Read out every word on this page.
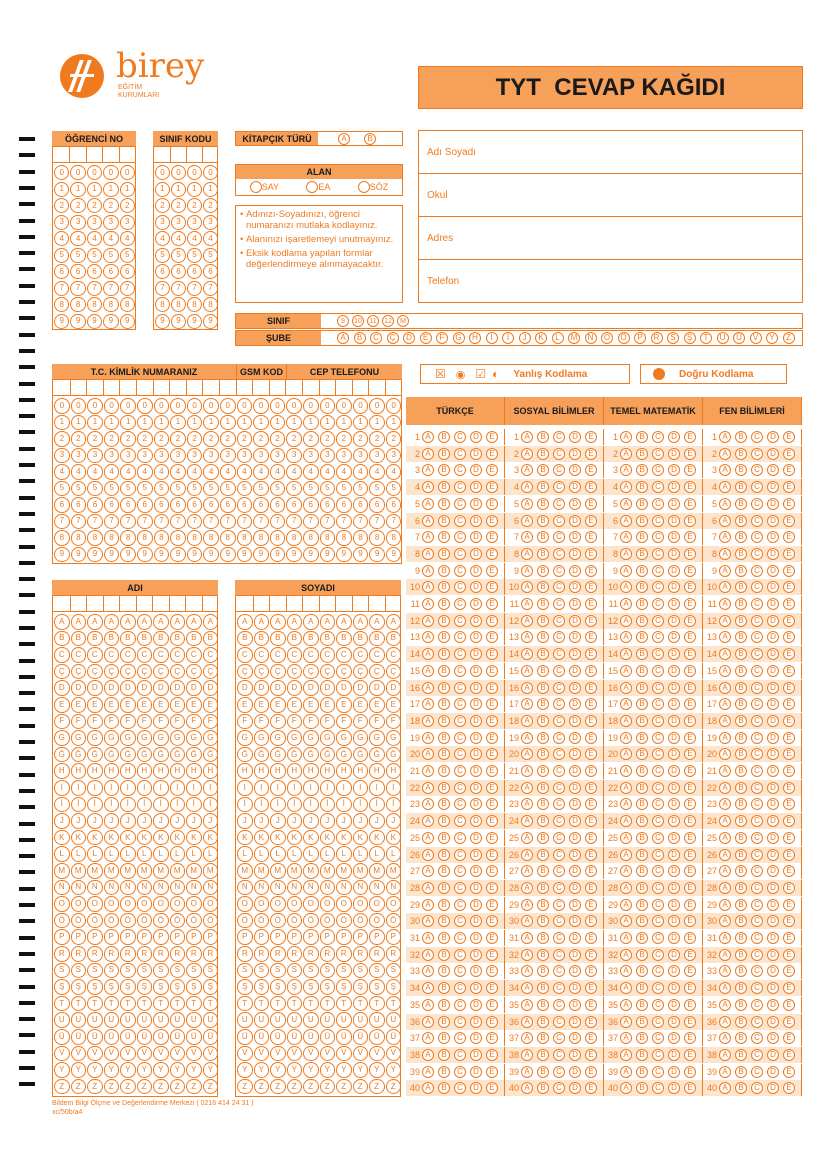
birey
EĞİTİM
KURUMLARI	TYT  CEVAP KAĞIDI
ÖĞRENCİ NO
0	0	0	0	0
1	1	1	1	1
2	2	2	2	2
3	3	3	3	3
4	4	4	4	4
5	5	5	5	5
6	6	6	6	6
7	7	7	7	7
8	8	8	8	8
9	9	9	9	9
SINIF KODU
0	0	0	0
1	1	1	1
2	2	2	2
3	3	3	3
4	4	4	4
5	5	5	5
6	6	6	6
7	7	7	7
8	8	8	8
9	9	9	9
KİTAPÇIK TÜRÜ	A	B
ALAN
SAY	EA	SÖZ
• Adınızı-Soyadınızı, öğrenci numaranızı mutlaka kodlayınız.
• Alanınızı işaretlemeyi unutmayınız.
• Eksik kodlama yapılan formlar değerlendirmeye alınmayacaktır.
Adı Soyadı
Okul
Adres
Telefon
SINIF	9	10	11	12	M
ŞUBE	A	B	C	Ç	D	E	F	G	H	I	İ	J	K	L	M	N	O	Ö	P	R	S	Ş	T	U	Ü	V	Y	Z
T.C. KİMLİK NUMARANIZ	GSM KOD	CEP TELEFONU
0	0	0	0	0	0	0	0	0	0	0	0	0	0	0	0	0	0	0	0	0
1	1	1	1	1	1	1	1	1	1	1	1	1	1	1	1	1	1	1	1	1
2	2	2	2	2	2	2	2	2	2	2	2	2	2	2	2	2	2	2	2	2
3	3	3	3	3	3	3	3	3	3	3	3	3	3	3	3	3	3	3	3	3
4	4	4	4	4	4	4	4	4	4	4	4	4	4	4	4	4	4	4	4	4
5	5	5	5	5	5	5	5	5	5	5	5	5	5	5	5	5	5	5	5	5
6	6	6	6	6	6	6	6	6	6	6	6	6	6	6	6	6	6	6	6	6
7	7	7	7	7	7	7	7	7	7	7	7	7	7	7	7	7	7	7	7	7
8	8	8	8	8	8	8	8	8	8	8	8	8	8	8	8	8	8	8	8	8
9	9	9	9	9	9	9	9	9	9	9	9	9	9	9	9	9	9	9	9	9
☒ ◉ ☑ ◐ Yanlış Kodlama	Doğru Kodlama
TÜRKÇE
1 A	B	C	D	E
2 A	B	C	D	E
3 A	B	C	D	E
4 A	B	C	D	E
5 A	B	C	D	E
6 A	B	C	D	E
7 A	B	C	D	E
8 A	B	C	D	E
9 A	B	C	D	E
10 A	B	C	D	E
11 A	B	C	D	E
12 A	B	C	D	E
13 A	B	C	D	E
14 A	B	C	D	E
15 A	B	C	D	E
16 A	B	C	D	E
17 A	B	C	D	E
18 A	B	C	D	E
19 A	B	C	D	E
20 A	B	C	D	E
21 A	B	C	D	E
22 A	B	C	D	E
23 A	B	C	D	E
24 A	B	C	D	E
25 A	B	C	D	E
26 A	B	C	D	E
27 A	B	C	D	E
28 A	B	C	D	E
29 A	B	C	D	E
30 A	B	C	D	E
31 A	B	C	D	E
32 A	B	C	D	E
33 A	B	C	D	E
34 A	B	C	D	E
35 A	B	C	D	E
36 A	B	C	D	E
37 A	B	C	D	E
38 A	B	C	D	E
39 A	B	C	D	E
40 A	B	C	D	E
SOSYAL BİLİMLER
1 A	B	C	D	E
2 A	B	C	D	E
3 A	B	C	D	E
4 A	B	C	D	E
5 A	B	C	D	E
6 A	B	C	D	E
7 A	B	C	D	E
8 A	B	C	D	E
9 A	B	C	D	E
10 A	B	C	D	E
11 A	B	C	D	E
12 A	B	C	D	E
13 A	B	C	D	E
14 A	B	C	D	E
15 A	B	C	D	E
16 A	B	C	D	E
17 A	B	C	D	E
18 A	B	C	D	E
19 A	B	C	D	E
20 A	B	C	D	E
21 A	B	C	D	E
22 A	B	C	D	E
23 A	B	C	D	E
24 A	B	C	D	E
25 A	B	C	D	E
26 A	B	C	D	E
27 A	B	C	D	E
28 A	B	C	D	E
29 A	B	C	D	E
30 A	B	C	D	E
31 A	B	C	D	E
32 A	B	C	D	E
33 A	B	C	D	E
34 A	B	C	D	E
35 A	B	C	D	E
36 A	B	C	D	E
37 A	B	C	D	E
38 A	B	C	D	E
39 A	B	C	D	E
40 A	B	C	D	E
TEMEL MATEMATİK
1 A	B	C	D	E
2 A	B	C	D	E
3 A	B	C	D	E
4 A	B	C	D	E
5 A	B	C	D	E
6 A	B	C	D	E
7 A	B	C	D	E
8 A	B	C	D	E
9 A	B	C	D	E
10 A	B	C	D	E
11 A	B	C	D	E
12 A	B	C	D	E
13 A	B	C	D	E
14 A	B	C	D	E
15 A	B	C	D	E
16 A	B	C	D	E
17 A	B	C	D	E
18 A	B	C	D	E
19 A	B	C	D	E
20 A	B	C	D	E
21 A	B	C	D	E
22 A	B	C	D	E
23 A	B	C	D	E
24 A	B	C	D	E
25 A	B	C	D	E
26 A	B	C	D	E
27 A	B	C	D	E
28 A	B	C	D	E
29 A	B	C	D	E
30 A	B	C	D	E
31 A	B	C	D	E
32 A	B	C	D	E
33 A	B	C	D	E
34 A	B	C	D	E
35 A	B	C	D	E
36 A	B	C	D	E
37 A	B	C	D	E
38 A	B	C	D	E
39 A	B	C	D	E
40 A	B	C	D	E
FEN BİLİMLERİ
1 A	B	C	D	E
2 A	B	C	D	E
3 A	B	C	D	E
4 A	B	C	D	E
5 A	B	C	D	E
6 A	B	C	D	E
7 A	B	C	D	E
8 A	B	C	D	E
9 A	B	C	D	E
10 A	B	C	D	E
11 A	B	C	D	E
12 A	B	C	D	E
13 A	B	C	D	E
14 A	B	C	D	E
15 A	B	C	D	E
16 A	B	C	D	E
17 A	B	C	D	E
18 A	B	C	D	E
19 A	B	C	D	E
20 A	B	C	D	E
21 A	B	C	D	E
22 A	B	C	D	E
23 A	B	C	D	E
24 A	B	C	D	E
25 A	B	C	D	E
26 A	B	C	D	E
27 A	B	C	D	E
28 A	B	C	D	E
29 A	B	C	D	E
30 A	B	C	D	E
31 A	B	C	D	E
32 A	B	C	D	E
33 A	B	C	D	E
34 A	B	C	D	E
35 A	B	C	D	E
36 A	B	C	D	E
37 A	B	C	D	E
38 A	B	C	D	E
39 A	B	C	D	E
40 A	B	C	D	E
ADI
A	A	A	A	A	A	A	A	A	A
B	B	B	B	B	B	B	B	B	B
C	C	C	C	C	C	C	C	C	C
Ç	Ç	Ç	Ç	Ç	Ç	Ç	Ç	Ç	Ç
D	D	D	D	D	D	D	D	D	D
E	E	E	E	E	E	E	E	E	E
F	F	F	F	F	F	F	F	F	F
G	G	G	G	G	G	G	G	G	G
Ğ	Ğ	Ğ	Ğ	Ğ	Ğ	Ğ	Ğ	Ğ	Ğ
H	H	H	H	H	H	H	H	H	H
I	I	I	I	I	I	I	I	I	I
İ	İ	İ	İ	İ	İ	İ	İ	İ	İ
J	J	J	J	J	J	J	J	J	J
K	K	K	K	K	K	K	K	K	K
L	L	L	L	L	L	L	L	L	L
M	M	M	M	M	M	M	M	M	M
N	N	N	N	N	N	N	N	N	N
O	O	O	O	O	O	O	O	O	O
Ö	Ö	Ö	Ö	Ö	Ö	Ö	Ö	Ö	Ö
P	P	P	P	P	P	P	P	P	P
R	R	R	R	R	R	R	R	R	R
S	S	S	S	S	S	S	S	S	S
Ş	Ş	Ş	Ş	Ş	Ş	Ş	Ş	Ş	Ş
T	T	T	T	T	T	T	T	T	T
U	U	U	U	U	U	U	U	U	U
Ü	Ü	Ü	Ü	Ü	Ü	Ü	Ü	Ü	Ü
V	V	V	V	V	V	V	V	V	V
Y	Y	Y	Y	Y	Y	Y	Y	Y	Y
Z	Z	Z	Z	Z	Z	Z	Z	Z	Z
SOYADI
A	A	A	A	A	A	A	A	A	A
B	B	B	B	B	B	B	B	B	B
C	C	C	C	C	C	C	C	C	C
Ç	Ç	Ç	Ç	Ç	Ç	Ç	Ç	Ç	Ç
D	D	D	D	D	D	D	D	D	D
E	E	E	E	E	E	E	E	E	E
F	F	F	F	F	F	F	F	F	F
G	G	G	G	G	G	G	G	G	G
Ğ	Ğ	Ğ	Ğ	Ğ	Ğ	Ğ	Ğ	Ğ	Ğ
H	H	H	H	H	H	H	H	H	H
I	I	I	I	I	I	I	I	I	I
İ	İ	İ	İ	İ	İ	İ	İ	İ	İ
J	J	J	J	J	J	J	J	J	J
K	K	K	K	K	K	K	K	K	K
L	L	L	L	L	L	L	L	L	L
M	M	M	M	M	M	M	M	M	M
N	N	N	N	N	N	N	N	N	N
O	O	O	O	O	O	O	O	O	O
Ö	Ö	Ö	Ö	Ö	Ö	Ö	Ö	Ö	Ö
P	P	P	P	P	P	P	P	P	P
R	R	R	R	R	R	R	R	R	R
S	S	S	S	S	S	S	S	S	S
Ş	Ş	Ş	Ş	Ş	Ş	Ş	Ş	Ş	Ş
T	T	T	T	T	T	T	T	T	T
U	U	U	U	U	U	U	U	U	U
Ü	Ü	Ü	Ü	Ü	Ü	Ü	Ü	Ü	Ü
V	V	V	V	V	V	V	V	V	V
Y	Y	Y	Y	Y	Y	Y	Y	Y	Y
Z	Z	Z	Z	Z	Z	Z	Z	Z	Z
Bildem Bilgi Ölçme ve Değerlendirme Merkezi ( 0216 414 24 31 )
xc/50b/a4
